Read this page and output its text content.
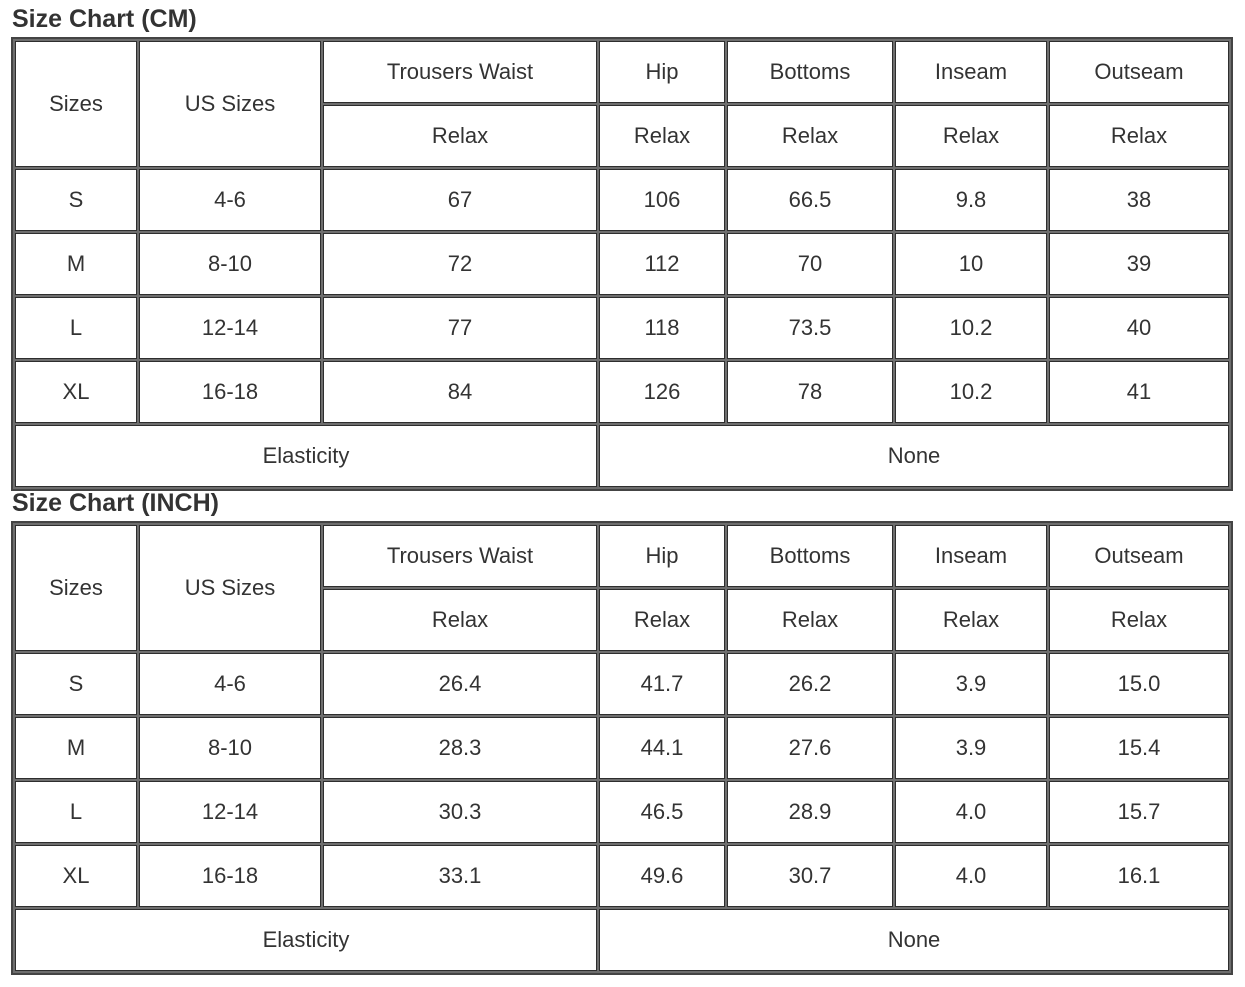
Size Chart (CM)
Sizes	US Sizes	Trousers Waist	Hip	Bottoms	Inseam	Outseam
		Relax	Relax	Relax	Relax	Relax
S	4-6	67	106	66.5	9.8	38
M	8-10	72	112	70	10	39
L	12-14	77	118	73.5	10.2	40
XL	16-18	84	126	78	10.2	41
Elasticity			None			
Size Chart (INCH)
Sizes	US Sizes	Trousers Waist	Hip	Bottoms	Inseam	Outseam
		Relax	Relax	Relax	Relax	Relax
S	4-6	26.4	41.7	26.2	3.9	15.0
M	8-10	28.3	44.1	27.6	3.9	15.4
L	12-14	30.3	46.5	28.9	4.0	15.7
XL	16-18	33.1	49.6	30.7	4.0	16.1
Elasticity			None			
